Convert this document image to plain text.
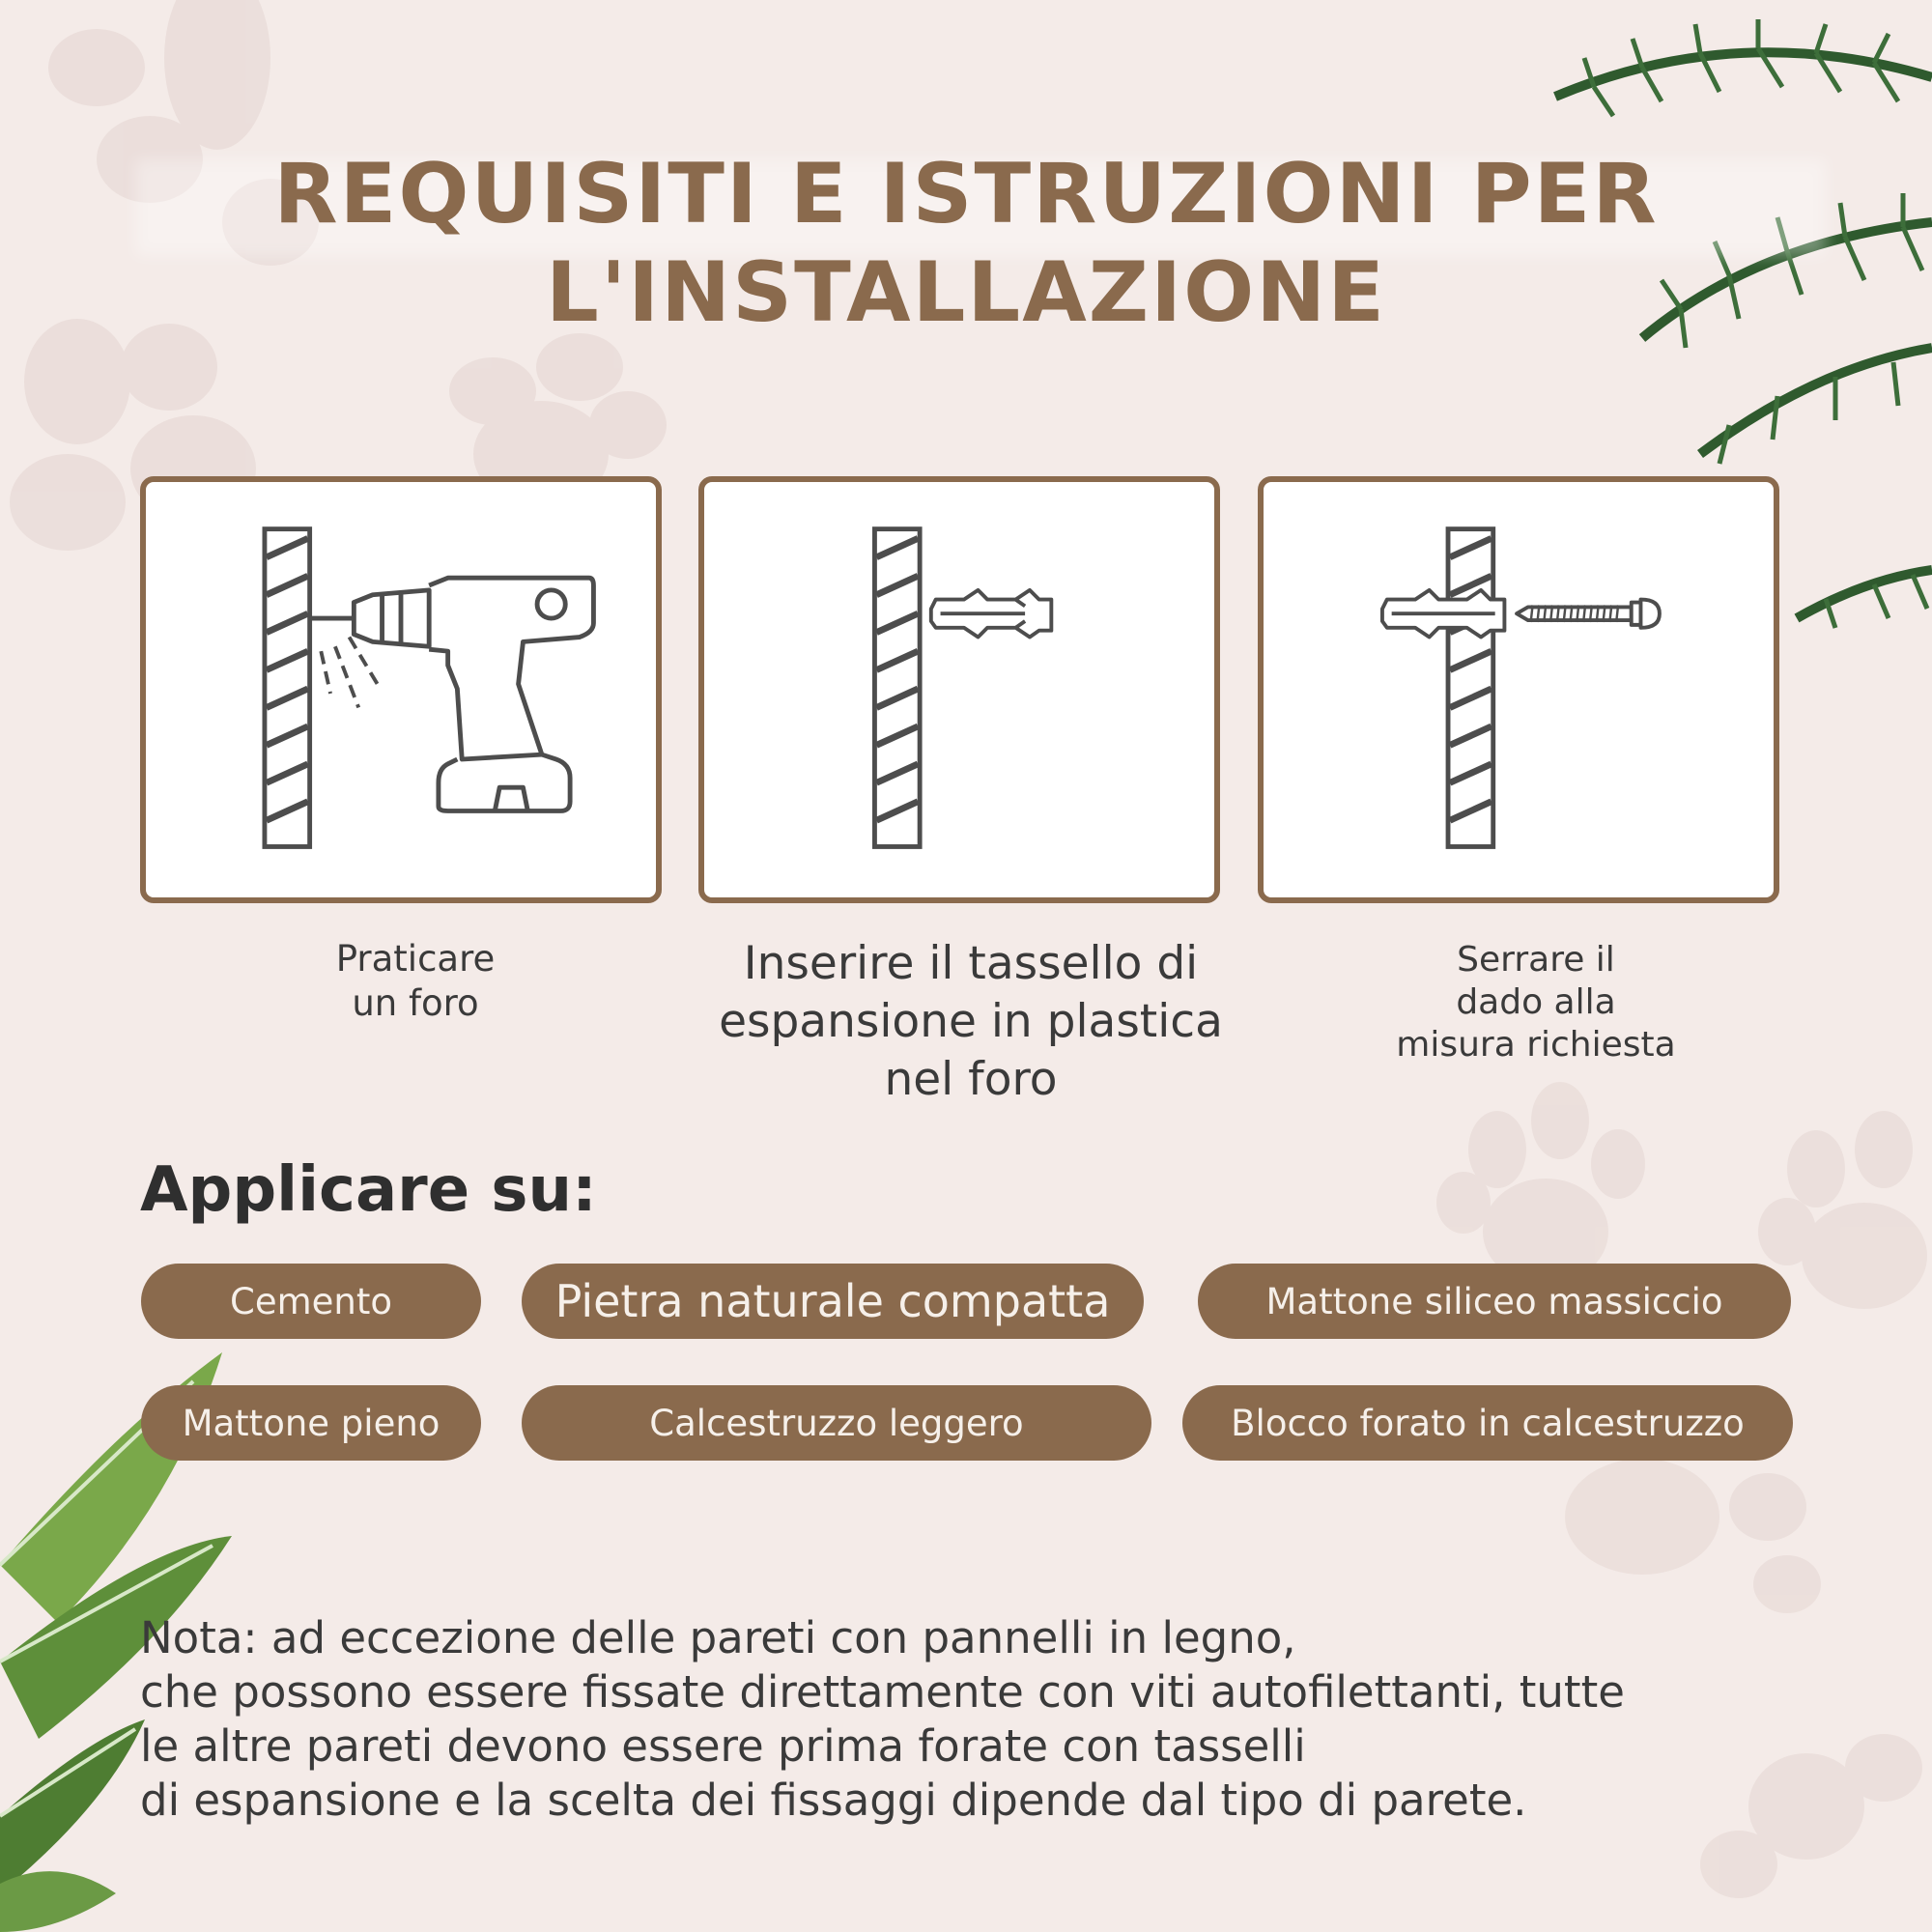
REQUISITI E ISTRUZIONI PER
L'INSTALLAZIONE
Praticare
un foro
Inserire il tassello di
espansione in plastica
nel foro
Serrare il
dado alla
misura richiesta
Applicare su:
Cemento	Pietra naturale compatta	Mattone siliceo massiccio
Mattone pieno	Calcestruzzo leggero	Blocco forato in calcestruzzo
Nota: ad eccezione delle pareti con pannelli in legno,
che possono essere fissate direttamente con viti autofilettanti, tutte
le altre pareti devono essere prima forate con tasselli
di espansione e la scelta dei fissaggi dipende dal tipo di parete.
